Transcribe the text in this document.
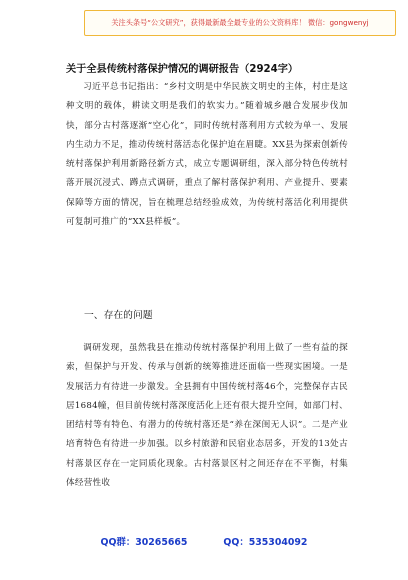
关注头条号“公文研究”，获得最新最全最专业的公文资料库！ 微信：gongwenyj
关于全县传统村落保护情况的调研报告（2924字）
习近平总书记指出：“乡村文明是中华民族文明史的主体，村庄是这种文明的载体，耕读文明是我们的软实力。”随着城乡融合发展步伐加快，部分古村落逐渐“空心化”，同时传统村落利用方式较为单一、发展内生动力不足，推动传统村落活态化保护迫在眉睫。XX县为探索创新传统村落保护利用新路径新方式，成立专题调研组，深入部分特色传统村落开展沉浸式、蹲点式调研，重点了解村落保护利用、产业提升、要素保障等方面的情况，旨在梳理总结经验成效，为传统村落活化利用提供可复制可推广的“XX县样板”。
一、存在的问题
调研发现，虽然我县在推动传统村落保护利用上做了一些有益的探索，但保护与开发、传承与创新的统筹推进还面临一些现实困境。一是发展活力有待进一步激发。全县拥有中国传统村落46个，完整保存古民居1684幢，但目前传统村落深度活化上还有很大提升空间，如部门村、团结村等有特色、有潜力的传统村落还是“养在深闺无人识”。二是产业培育特色有待进一步加强。以乡村旅游和民宿业态居多，开发的13处古村落景区存在一定同质化现象。古村落景区村之间还存在不平衡，村集体经营性收
QQ群：30265665	QQ：535304092
